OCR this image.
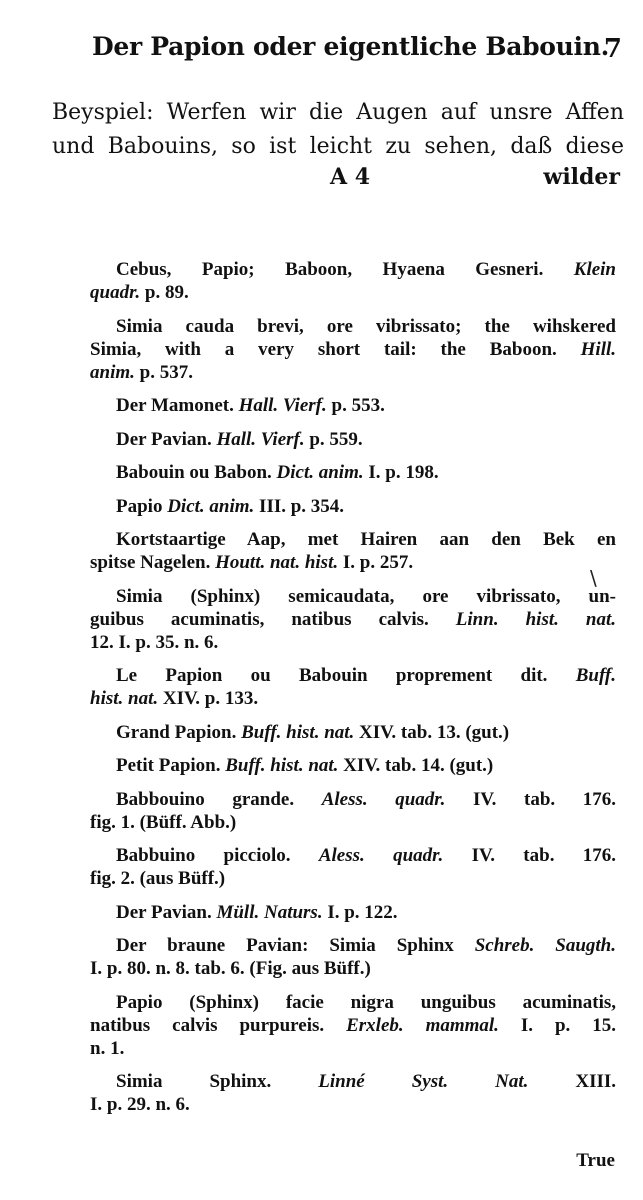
Der Papion oder eigentliche Babouin.
7
Beyspiel: Werfen wir die Augen auf unsre Affen
und Babouins, so ist leicht zu sehen, daß diese
A 4	wilder
Cebus, Papio; Baboon, Hyaena Gesneri. Klein
quadr. p. 89.
Simia cauda brevi, ore vibrissato; the wihskered
Simia, with a very short tail: the Baboon. Hill.
anim. p. 537.
Der Mamonet. Hall. Vierf. p. 553.
Der Pavian. Hall. Vierf. p. 559.
Babouin ou Babon. Dict. anim. I. p. 198.
Papio Dict. anim. III. p. 354.
Kortstaartige Aap, met Hairen aan den Bek en
spitse Nagelen. Houtt. nat. hist. I. p. 257.
Simia (Sphinx) semicaudata, ore vibrissato, un-
guibus acuminatis, natibus calvis. Linn. hist. nat.
12. I. p. 35. n. 6.
Le Papion ou Babouin proprement dit. Buff.
hist. nat. XIV. p. 133.
Grand Papion. Buff. hist. nat. XIV. tab. 13. (gut.)
Petit Papion. Buff. hist. nat. XIV. tab. 14. (gut.)
Babbouino grande. Aless. quadr. IV. tab. 176.
fig. 1. (Büff. Abb.)
Babbuino picciolo. Aless. quadr. IV. tab. 176.
fig. 2. (aus Büff.)
Der Pavian. Müll. Naturs. I. p. 122.
Der braune Pavian: Simia Sphinx Schreb. Saugth.
I. p. 80. n. 8. tab. 6. (Fig. aus Büff.)
Papio (Sphinx) facie nigra unguibus acuminatis,
natibus calvis purpureis. Erxleb. mammal. I. p. 15.
n. 1.
Simia Sphinx. Linné Syst. Nat. XIII.
I. p. 29. n. 6.
\
True
